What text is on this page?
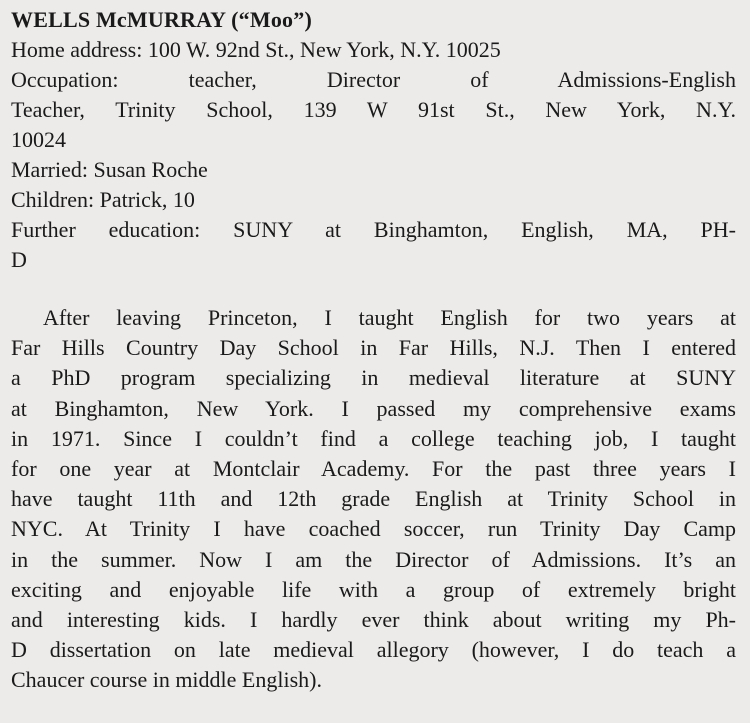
WELLS McMURRAY (“Moo”)
Home address: 100 W. 92nd St., New York, N.Y. 10025
Occupation: teacher, Director of Admissions-English
Teacher, Trinity School, 139 W 91st St., New York, N.Y.
10024
Married: Susan Roche
Children: Patrick, 10
Further education: SUNY at Binghamton, English, MA, PH-
D
After leaving Princeton, I taught English for two years at
Far Hills Country Day School in Far Hills, N.J. Then I entered
a PhD program specializing in medieval literature at SUNY
at Binghamton, New York. I passed my comprehensive exams
in 1971. Since I couldn’t find a college teaching job, I taught
for one year at Montclair Academy. For the past three years I
have taught 11th and 12th grade English at Trinity School in
NYC. At Trinity I have coached soccer, run Trinity Day Camp
in the summer. Now I am the Director of Admissions. It’s an
exciting and enjoyable life with a group of extremely bright
and interesting kids. I hardly ever think about writing my Ph-
D dissertation on late medieval allegory (however, I do teach a
Chaucer course in middle English).
